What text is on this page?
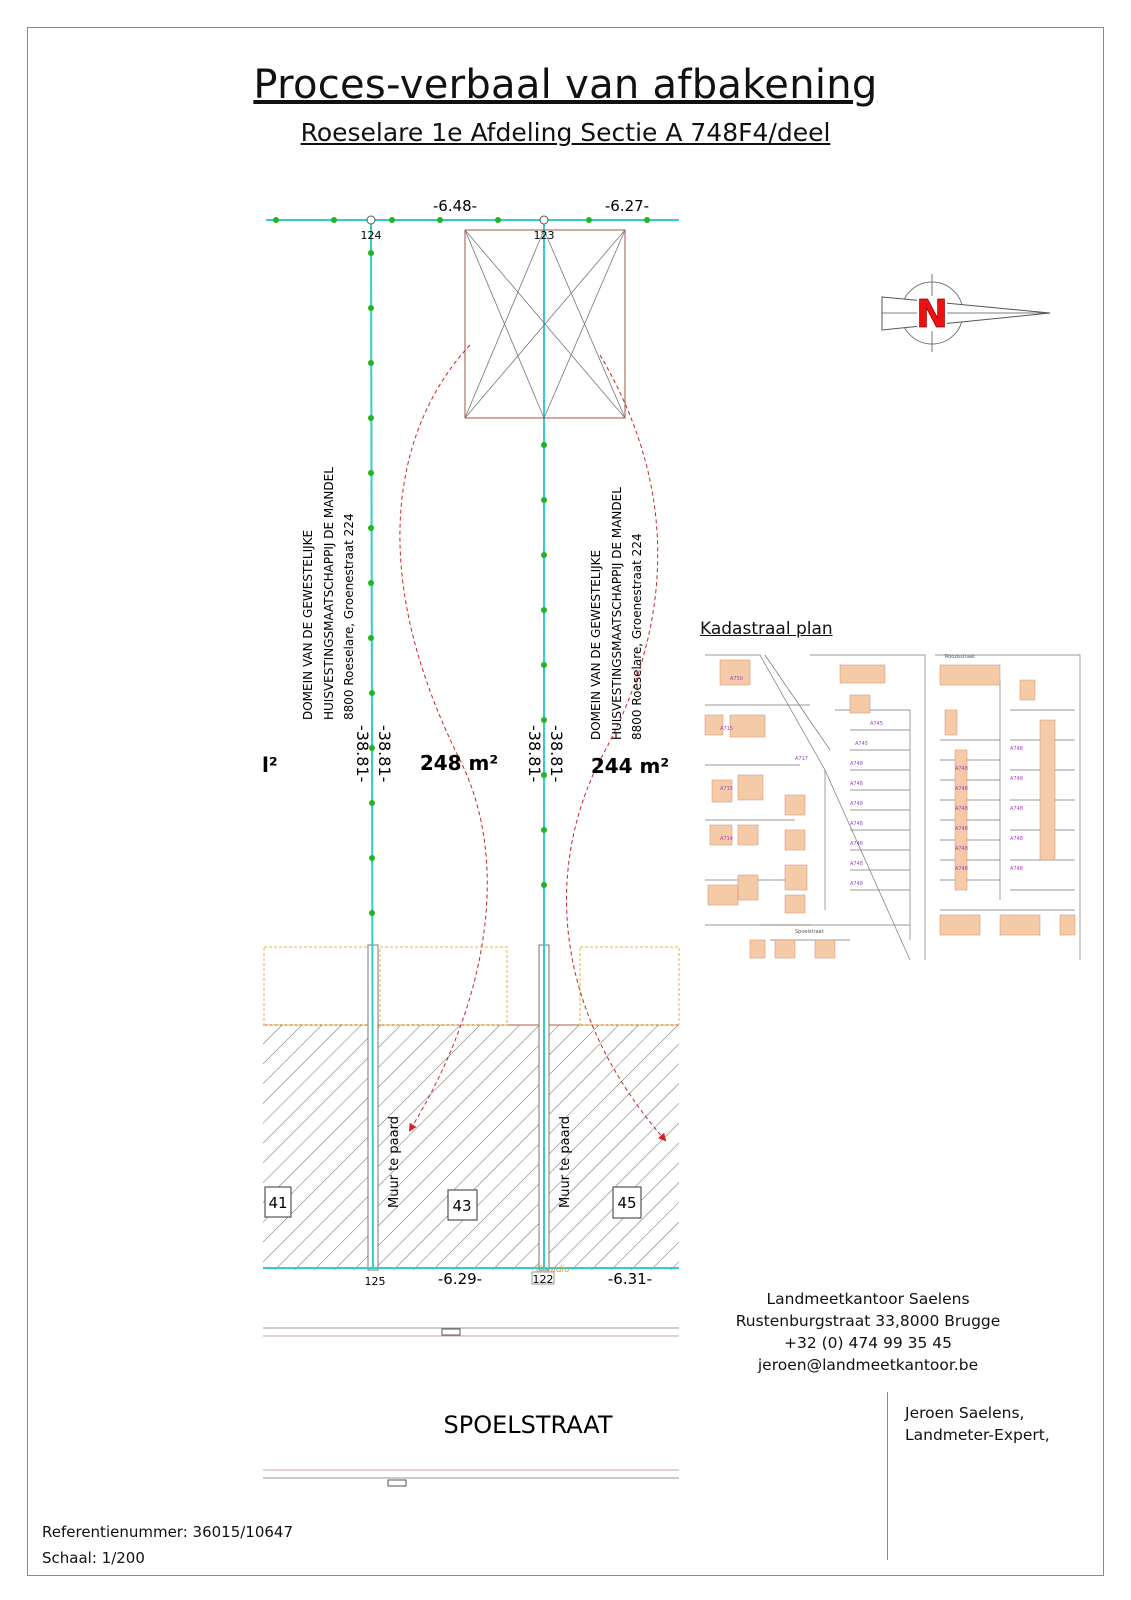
Proces-verbaal van afbakening
Roeselare 1e Afdeling Sectie A 748F4/deel
-6.48-	-6.27-
-6.29-	-6.31-
124	123
125	122
Claudio
-38.81- -38.81-	-38.81- -38.81-
DOMEIN VAN DE GEWESTELIJKE HUISVESTINGSMAATSCHAPPIJ DE MANDEL 8800 Roeselare, Groenestraat 224	DOMEIN VAN DE GEWESTELIJKE HUISVESTINGSMAATSCHAPPIJ DE MANDEL 8800 Roeselare, Groenestraat 224
l²	248 m²	244 m²
Muur te paard	Muur te paard
41	43	45
SPOELSTRAAT
N
Kadastraal plan
A745
A745
A748
A748
A748
A748
A748
A748
A748
A748
A748
A748
A748
A748
A748
A748
A748
A748
A748
A748
A750
A715
A715
A714
A717
Roozestraat
Spoelstraat
Landmeetkantoor Saelens
Rustenburgstraat 33,8000 Brugge
+32 (0) 474 99 35 45
jeroen@landmeetkantoor.be
Jeroen Saelens,
Landmeter-Expert,
Referentienummer: 36015/10647
Schaal: 1/200
